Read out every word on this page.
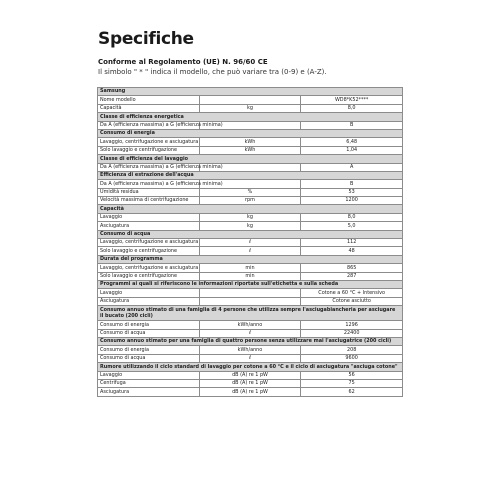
Specifiche
Conforme al Regolamento (UE) N. 96/60 CE
Il simbolo " * " indica il modello, che può variare tra (0-9) e (A-Z).
Samsung		
Nome modello		WD8*K52****
Capacità	kg	8,0
Classe di efficienza energetica		
Da A (efficienza massima) a G (efficienza minima)		B
Consumo di energia		
Lavaggio, centrifugazione e asciugatura	kWh	6,48
Solo lavaggio e centrifugazione	kWh	1,04
Classe di efficienza del lavaggio		
Da A (efficienza massima) a G (efficienza minima)		A
Efficienza di estrazione dell'acqua		
Da A (efficienza massima) a G (efficienza minima)		B
Umidità residua	%	53
Velocità massima di centrifugazione	rpm	1200
Capacità		
Lavaggio	kg	8,0
Asciugatura	kg	5,0
Consumo di acqua		
Lavaggio, centrifugazione e asciugatura	ℓ	112
Solo lavaggio e centrifugazione	ℓ	48
Durata del programma		
Lavaggio, centrifugazione e asciugatura	min	865
Solo lavaggio e centrifugazione	min	287
Programmi ai quali si riferiscono le informazioni riportate sull'etichetta e sulla scheda		
Lavaggio		Cotone a 60 °C + Intensivo
Asciugatura		Cotone asciutto
Consumo annuo stimato di una famiglia di 4 persone che utilizza sempre l'asciugabiancheria per asciugare il bucato (200 cicli)		
Consumo di energia	kWh/anno	1296
Consumo di acqua	ℓ	22400
Consumo annuo stimato per una famiglia di quattro persone senza utilizzare mai l'asciugatrice (200 cicli)		
Consumo di energia	kWh/anno	208
Consumo di acqua	ℓ	9600
Rumore utilizzando il ciclo standard di lavaggio per cotone a 60 °C e il ciclo di asciugatura "asciuga cotone"		
Lavaggio	dB (A) re 1 pW	56
Centrifuga	dB (A) re 1 pW	75
Asciugatura	dB (A) re 1 pW	62
